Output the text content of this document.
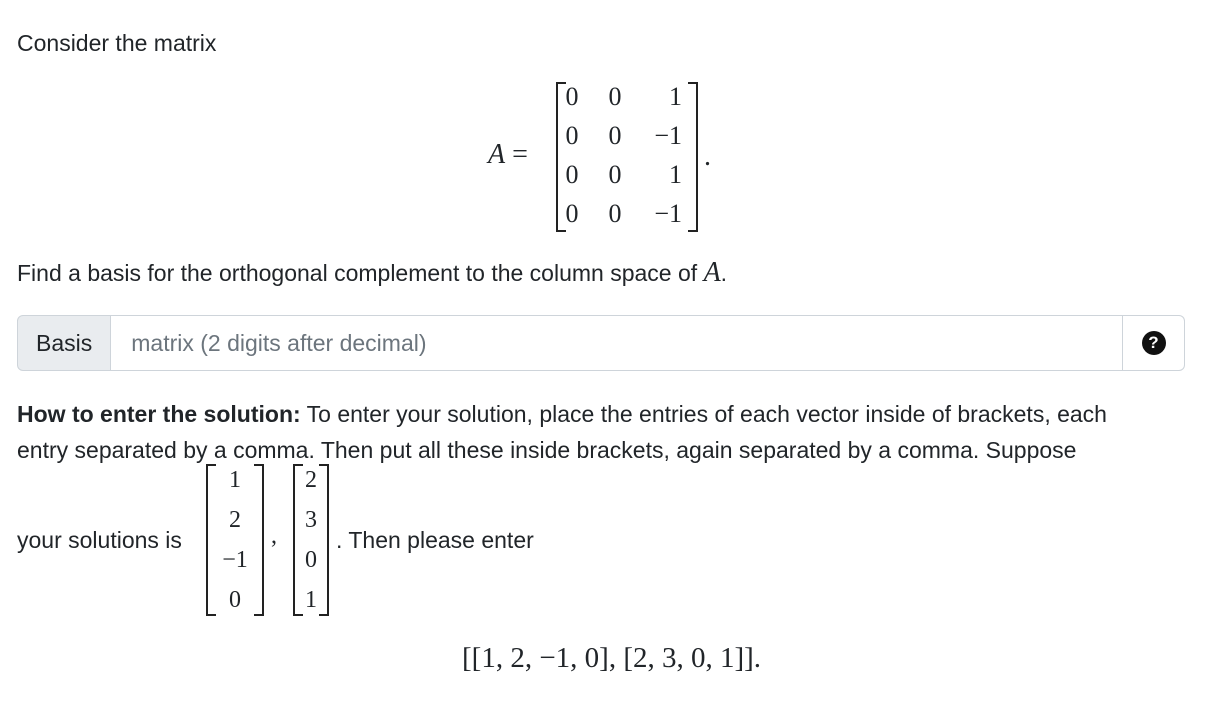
Consider the matrix
A =
0	0	1
0	0	−1
0	0	1
0	0	−1
.
Find a basis for the orthogonal complement to the column space of A.
Basis
matrix (2 digits after decimal)	?
How to enter the solution: To enter your solution, place the entries of each vector inside of brackets, each
entry separated by a comma. Then put all these inside brackets, again separated by a comma. Suppose
your solutions is
1
2
−1
0
,
2
3
0
1
. Then please enter
[[1, 2, −1, 0], [2, 3, 0, 1]].
